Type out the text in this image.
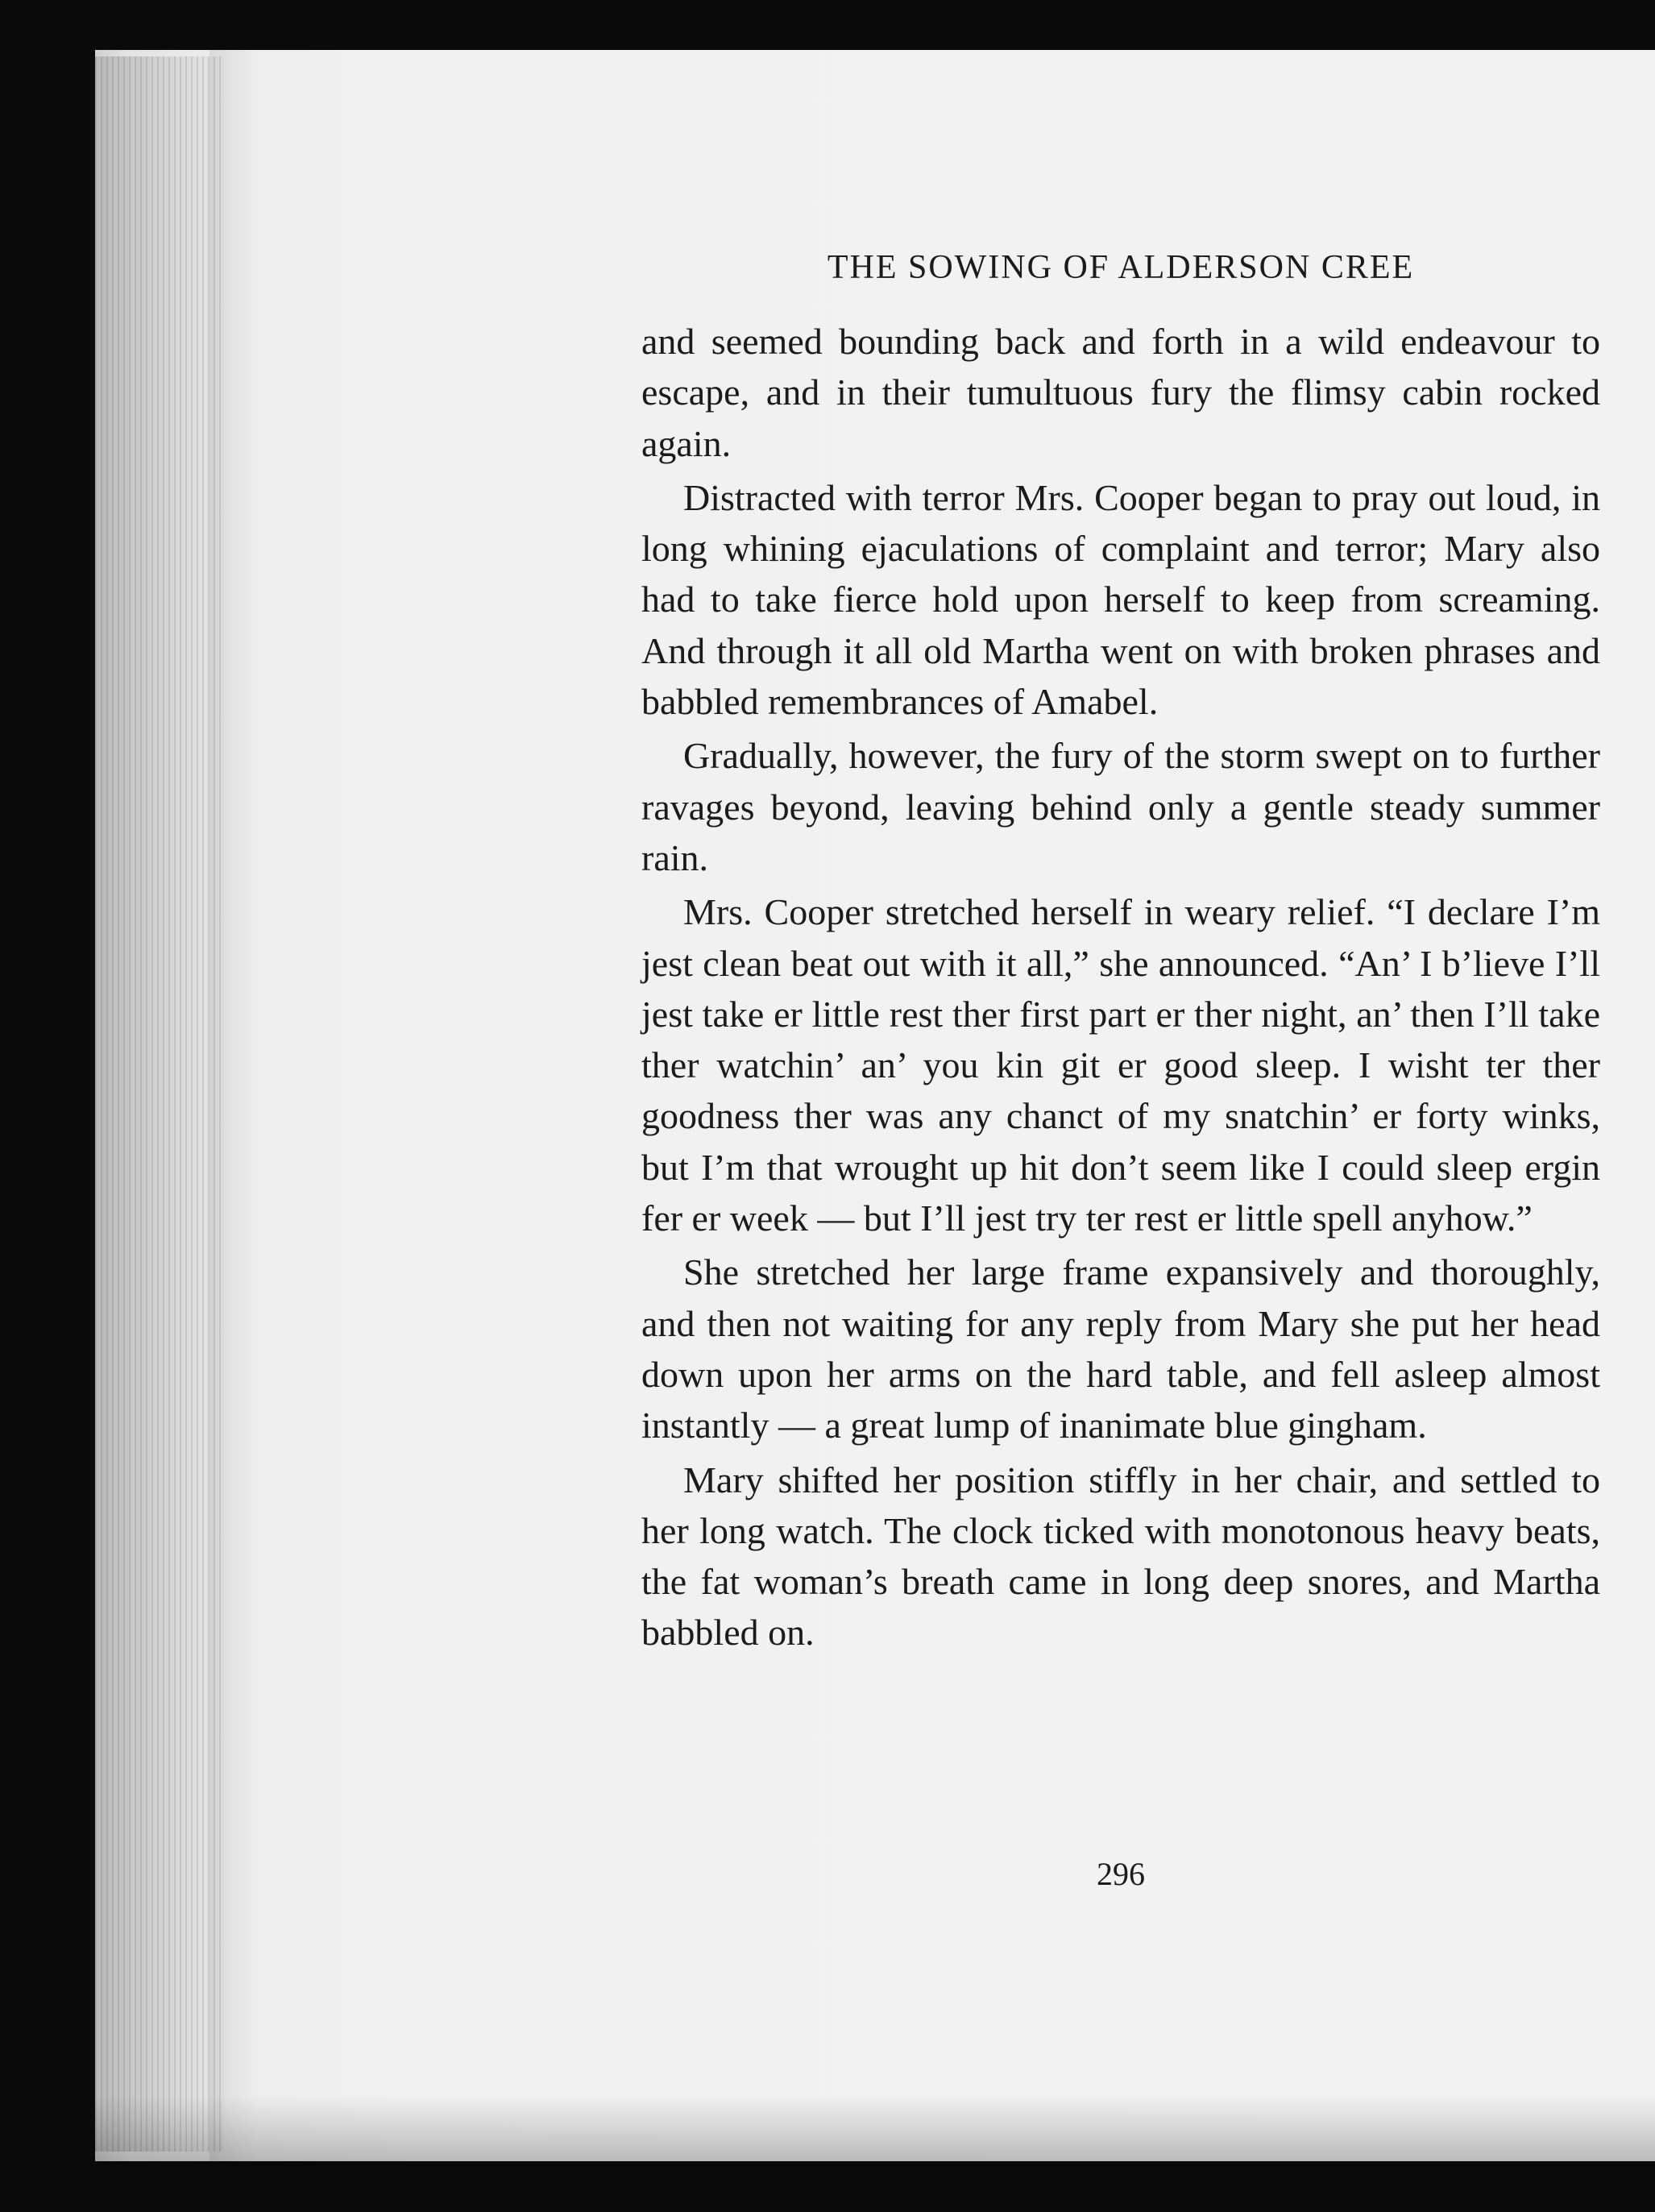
THE SOWING OF ALDERSON CREE

and seemed bounding back and forth in a wild endeavour to escape, and in their tumultuous fury the flimsy cabin rocked again.

Distracted with terror Mrs. Cooper began to pray out loud, in long whining ejaculations of complaint and terror; Mary also had to take fierce hold upon herself to keep from screaming. And through it all old Martha went on with broken phrases and babbled remembrances of Amabel.

Gradually, however, the fury of the storm swept on to further ravages beyond, leaving behind only a gentle steady summer rain.

Mrs. Cooper stretched herself in weary relief. “I declare I’m jest clean beat out with it all,” she announced. “An’ I b’lieve I’ll jest take er little rest ther first part er ther night, an’ then I’ll take ther watchin’ an’ you kin git er good sleep. I wisht ter ther goodness ther was any chanct of my snatchin’ er forty winks, but I’m that wrought up hit don’t seem like I could sleep ergin fer er week — but I’ll jest try ter rest er little spell anyhow.”

She stretched her large frame expansively and thoroughly, and then not waiting for any reply from Mary she put her head down upon her arms on the hard table, and fell asleep almost instantly — a great lump of inanimate blue gingham.

Mary shifted her position stiffly in her chair, and settled to her long watch. The clock ticked with monotonous heavy beats, the fat woman’s breath came in long deep snores, and Martha babbled on.

296
